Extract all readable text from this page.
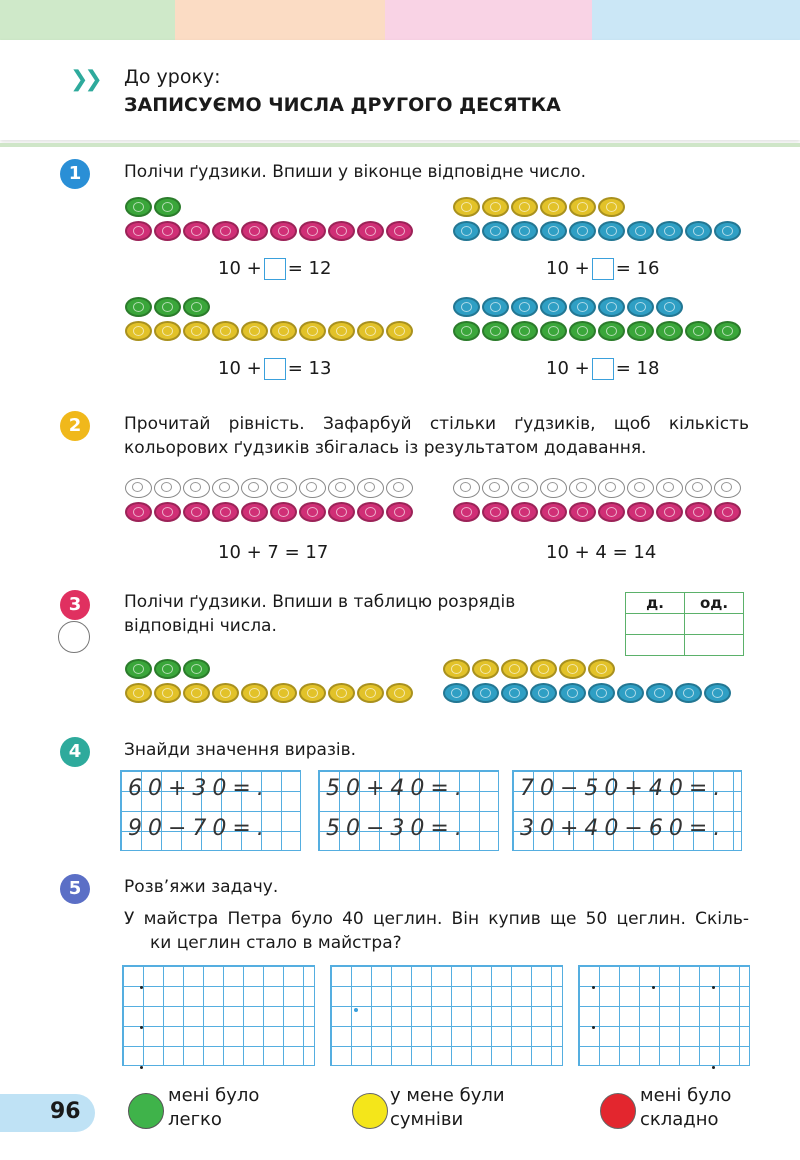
❯❯ До уроку:
ЗАПИСУЄМО ЧИСЛА ДРУГОГО ДЕСЯТКА
1	Полічи ґудзики. Впиши у віконце відповідне число.
10 + = 12	10 + = 16
10 + = 13	10 + = 18
2	Прочитай рівність. Зафарбуй стільки ґудзиків, щоб кількість
кольорових ґудзиків збігалась із результатом додавання.
10 + 7 = 17	10 + 4 = 14
3	Полічи ґудзики. Впиши в таблицю розрядів
відповідні числа.
д.	од.

4	Знайди значення виразів.
60+30=.	50+40=. 70−50+40=.
90−70=.	50−30=. 30+40−60=.
5	Розв’яжи задачу.
У майстра Петра було 40 цеглин. Він купив ще 50 цеглин. Скіль-
ки цеглин стало в майстра?
мені було
легко
у мене були
сумніви
мені було
складно
96
